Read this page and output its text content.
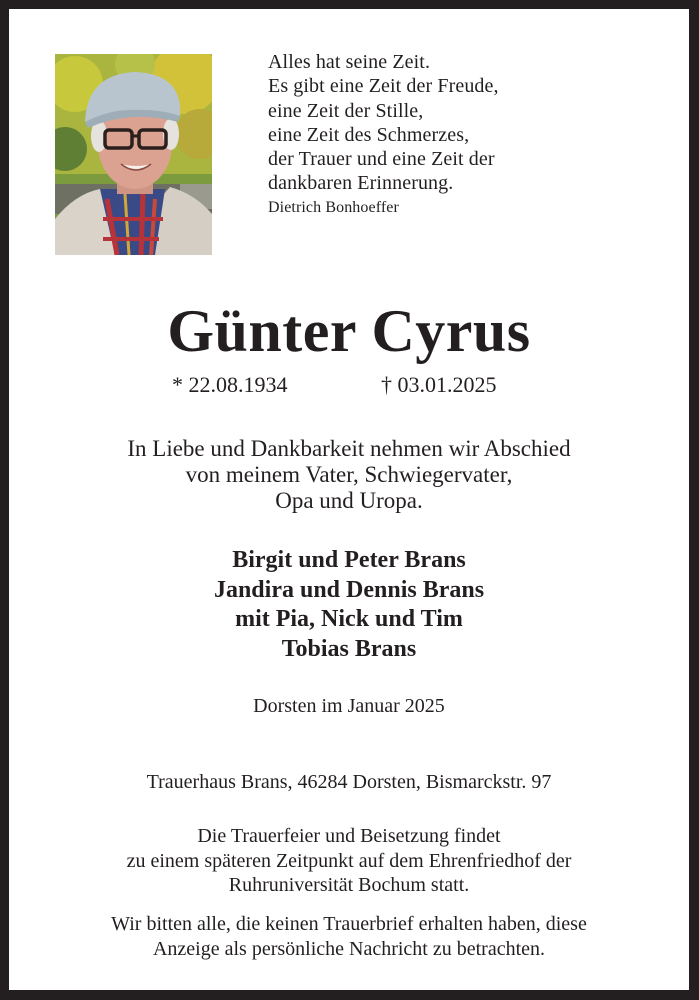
Alles hat seine Zeit.
Es gibt eine Zeit der Freude,
eine Zeit der Stille,
eine Zeit des Schmerzes,
der Trauer und eine Zeit der
dankbaren Erinnerung.
Dietrich Bonhoeffer
Günter Cyrus
* 22.08.1934	† 03.01.2025
In Liebe und Dankbarkeit nehmen wir Abschied
von meinem Vater, Schwiegervater,
Opa und Uropa.
Birgit und Peter Brans
Jandira und Dennis Brans
mit Pia, Nick und Tim
Tobias Brans
Dorsten im Januar 2025
Trauerhaus Brans, 46284 Dorsten, Bismarckstr. 97
Die Trauerfeier und Beisetzung findet
zu einem späteren Zeitpunkt auf dem Ehrenfriedhof der
Ruhruniversität Bochum statt.
Wir bitten alle, die keinen Trauerbrief erhalten haben, diese
Anzeige als persönliche Nachricht zu betrachten.
